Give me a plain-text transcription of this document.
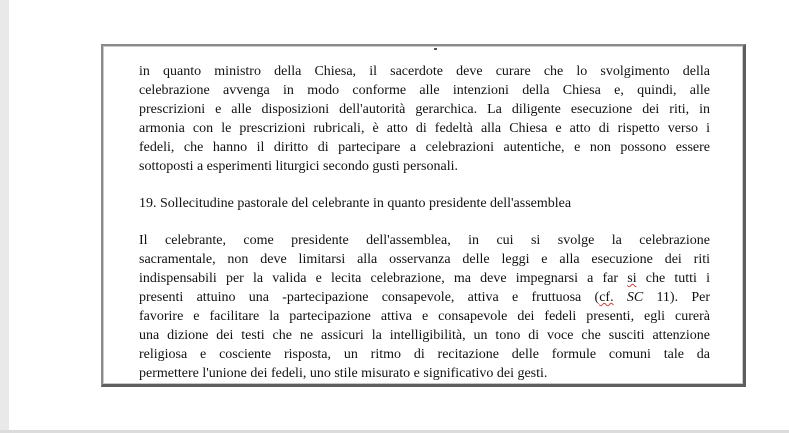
in quanto ministro della Chiesa, il sacerdote deve curare che lo svolgimento della
celebrazione avvenga in modo conforme alle intenzioni della Chiesa e, quindi, alle
prescrizioni e alle disposizioni dell'autorità gerarchica. La diligente esecuzione dei riti, in
armonia con le prescrizioni rubricali, è atto di fedeltà alla Chiesa e atto di rispetto verso i
fedeli, che hanno il diritto di partecipare a celebrazioni autentiche, e non possono essere
sottoposti a esperimenti liturgici secondo gusti personali.

19. Sollecitudine pastorale del celebrante in quanto presidente dell'assemblea

Il celebrante, come presidente dell'assemblea, in cui si svolge la celebrazione
sacramentale, non deve limitarsi alla osservanza delle leggi e alla esecuzione dei riti
indispensabili per la valida e lecita celebrazione, ma deve impegnarsi a far si che tutti i
presenti attuino una -partecipazione consapevole, attiva e fruttuosa (cf. SC 11). Per
favorire e facilitare la partecipazione attiva e consapevole dei fedeli presenti, egli curerà
una dizione dei testi che ne assicuri la intelligibilità, un tono di voce che susciti attenzione
religiosa e cosciente risposta, un ritmo di recitazione delle formule comuni tale da
permettere l'unione dei fedeli, uno stile misurato e significativo dei gesti.
